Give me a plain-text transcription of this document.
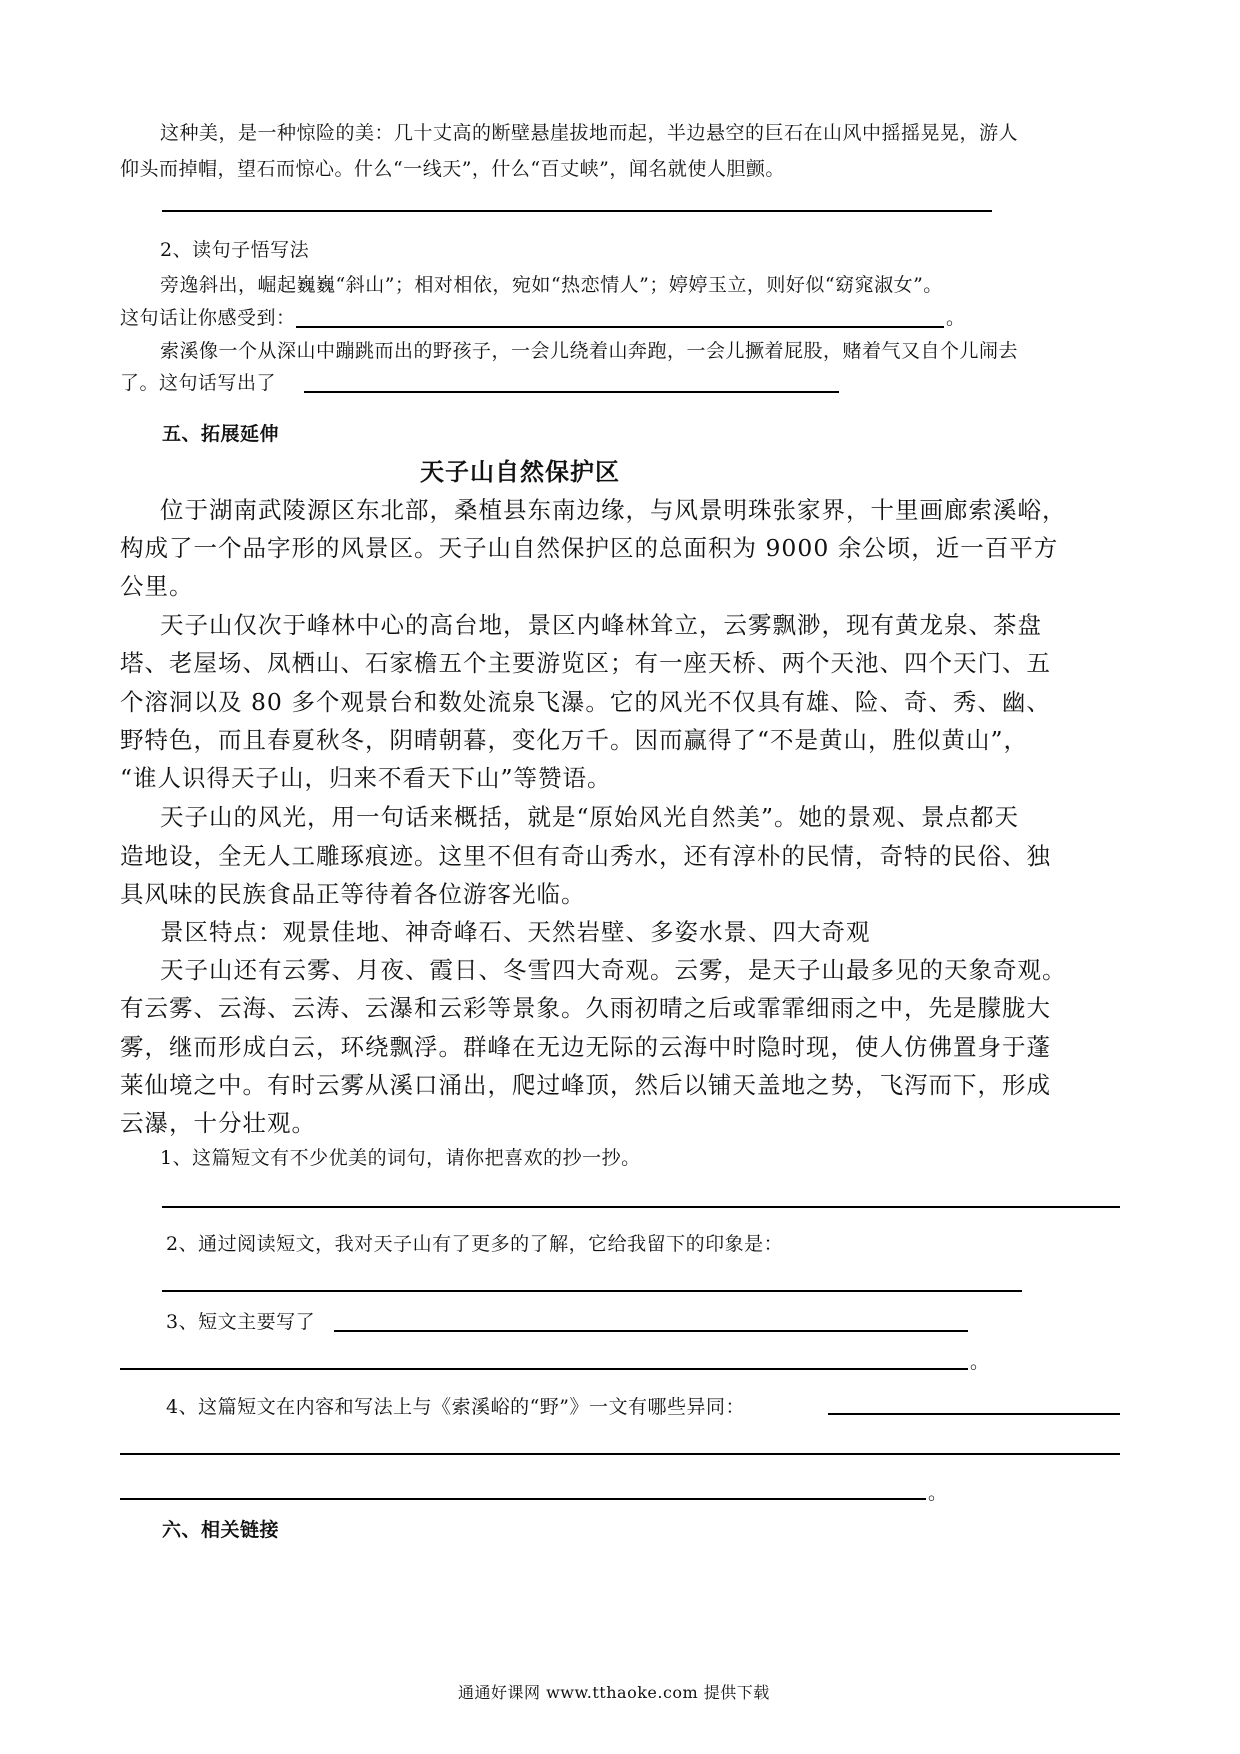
这种美，是一种惊险的美：几十丈高的断壁悬崖拔地而起，半边悬空的巨石在山风中摇摇晃晃，游人
仰头而掉帽，望石而惊心。什么“一线天”，什么“百丈峡”，闻名就使人胆颤。
2、读句子悟写法
旁逸斜出，崛起巍巍“斜山”；相对相依，宛如“热恋情人”；婷婷玉立，则好似“窈窕淑女”。
这句话让你感受到：	。
索溪像一个从深山中蹦跳而出的野孩子，一会儿绕着山奔跑，一会儿撅着屁股，赌着气又自个儿闹去
了。这句话写出了
五、拓展延伸
天子山自然保护区
位于湖南武陵源区东北部，桑植县东南边缘，与风景明珠张家界，十里画廊索溪峪，
构成了一个品字形的风景区。天子山自然保护区的总面积为 9000 余公顷，近一百平方
公里。
天子山仅次于峰林中心的高台地，景区内峰林耸立，云雾飘渺，现有黄龙泉、茶盘
塔、老屋场、凤栖山、石家檐五个主要游览区；有一座天桥、两个天池、四个天门、五
个溶洞以及 80 多个观景台和数处流泉飞瀑。它的风光不仅具有雄、险、奇、秀、幽、
野特色，而且春夏秋冬，阴晴朝暮，变化万千。因而赢得了“不是黄山，胜似黄山”，
“谁人识得天子山，归来不看天下山”等赞语。
天子山的风光，用一句话来概括，就是“原始风光自然美”。她的景观、景点都天
造地设，全无人工雕琢痕迹。这里不但有奇山秀水，还有淳朴的民情，奇特的民俗、独
具风味的民族食品正等待着各位游客光临。
景区特点：观景佳地、神奇峰石、天然岩壁、多姿水景、四大奇观
天子山还有云雾、月夜、霞日、冬雪四大奇观。云雾，是天子山最多见的天象奇观。
有云雾、云海、云涛、云瀑和云彩等景象。久雨初晴之后或霏霏细雨之中，先是朦胧大
雾，继而形成白云，环绕飘浮。群峰在无边无际的云海中时隐时现，使人仿佛置身于蓬
莱仙境之中。有时云雾从溪口涌出，爬过峰顶，然后以铺天盖地之势，飞泻而下，形成
云瀑，十分壮观。
1、这篇短文有不少优美的词句，请你把喜欢的抄一抄。
2、通过阅读短文，我对天子山有了更多的了解，它给我留下的印象是：
3、短文主要写了
。
4、这篇短文在内容和写法上与《索溪峪的“野”》一文有哪些异同：
。
六、相关链接
通通好课网 www.tthaoke.com 提供下载
